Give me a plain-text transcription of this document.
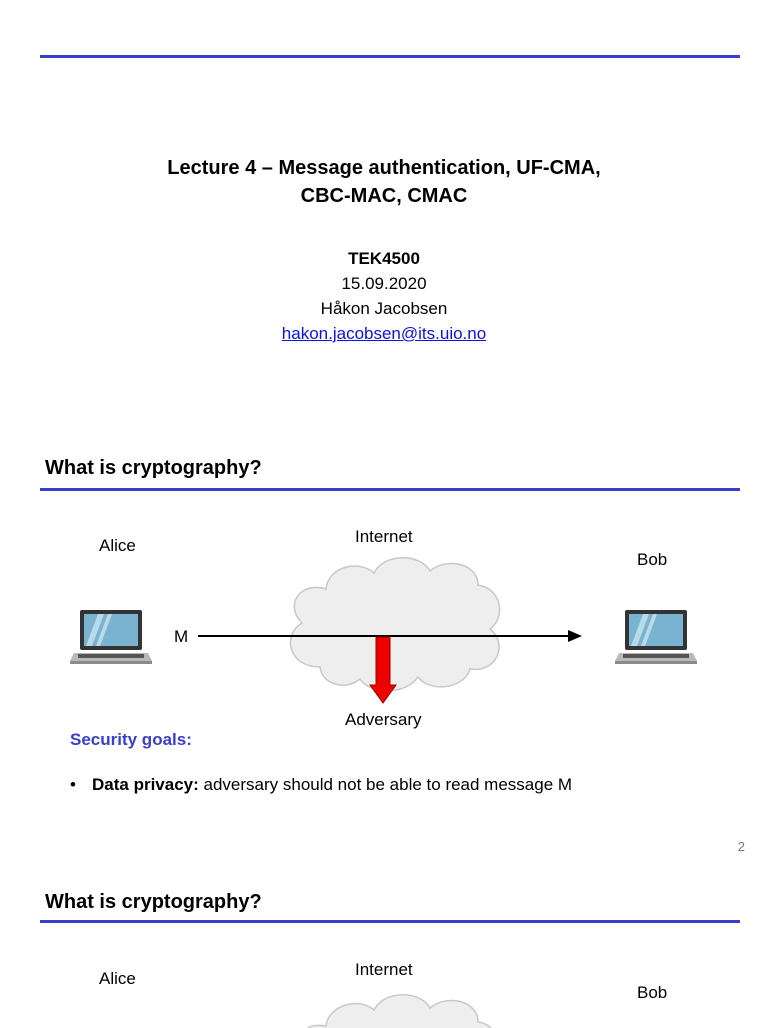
Lecture 4 – Message authentication, UF-CMA,
CBC-MAC, CMAC
TEK4500
15.09.2020
Håkon Jacobsen
hakon.jacobsen@its.uio.no
What is cryptography?
Alice	Internet
Bob
M
Adversary
Security goals:
• Data privacy: adversary should not be able to read message M
2
What is cryptography?
Alice	Internet
Bob
